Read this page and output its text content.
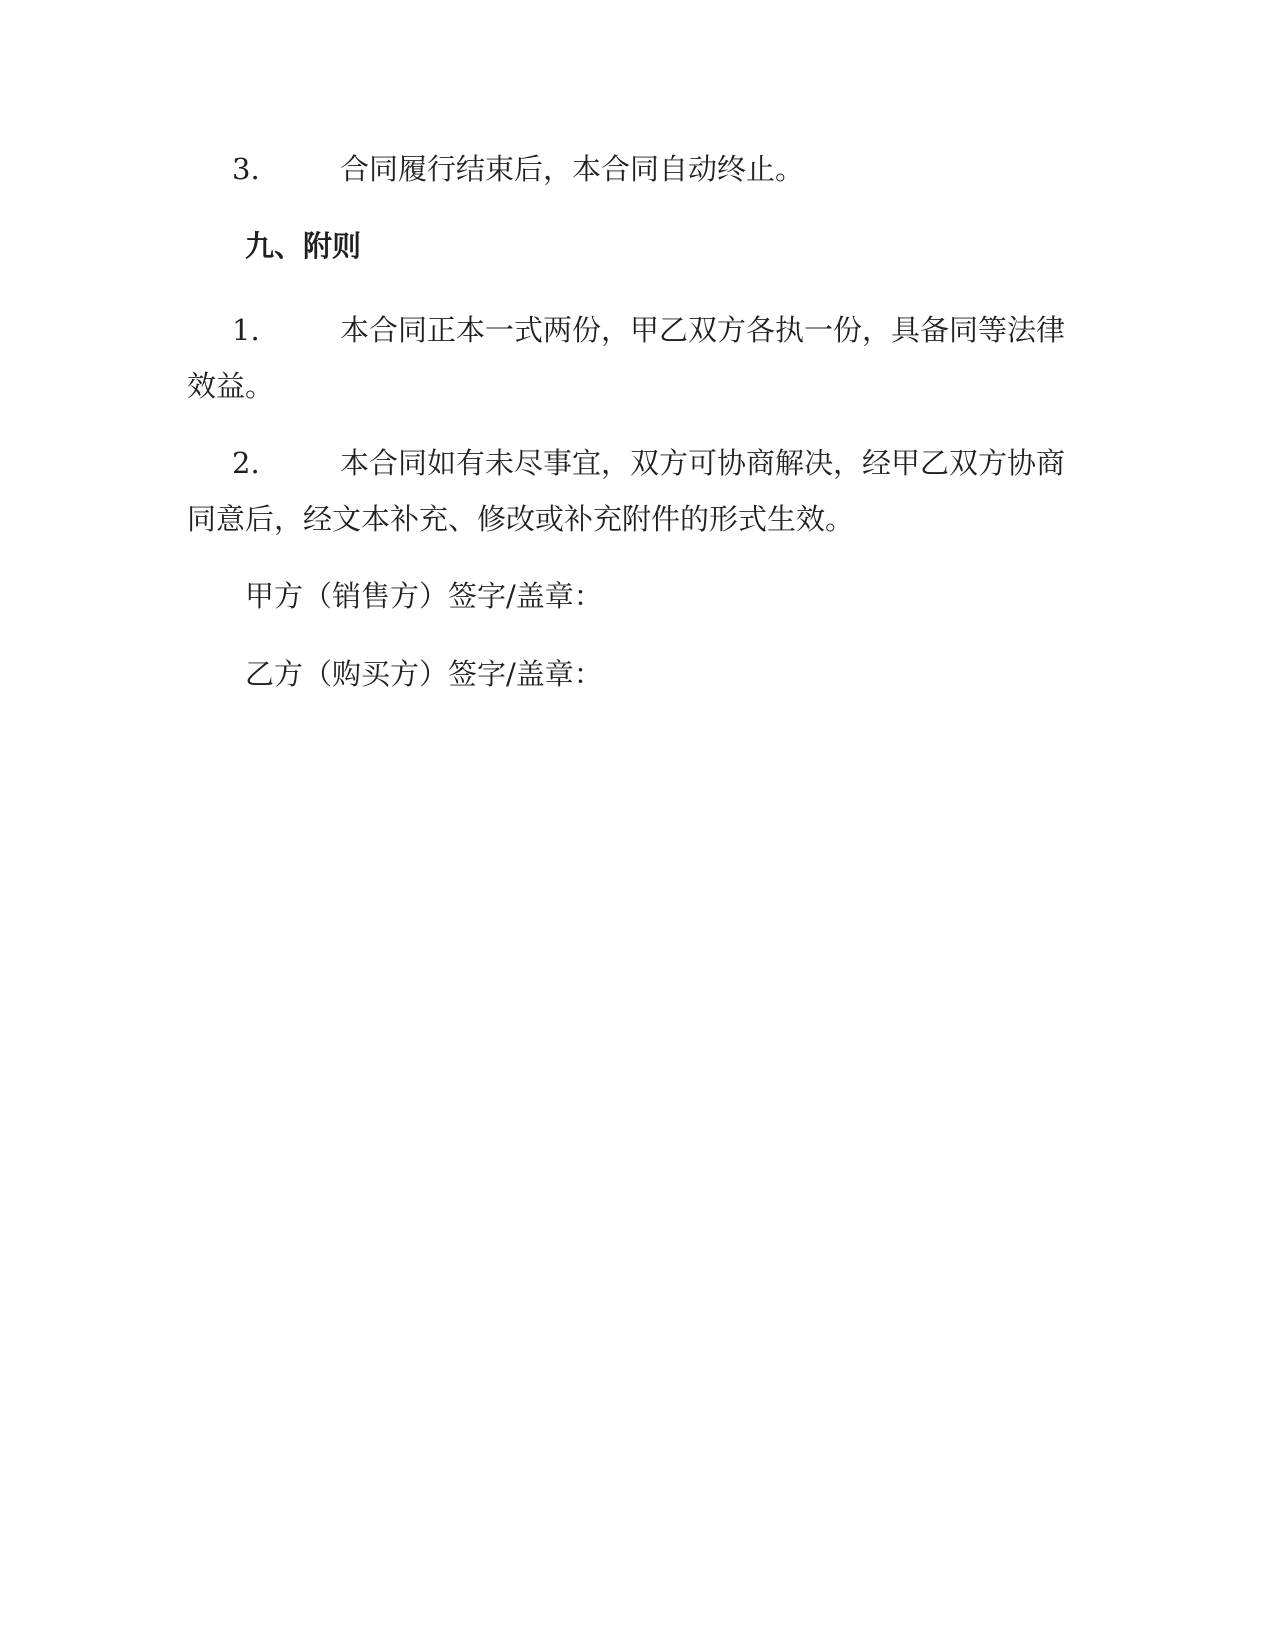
3.	合同履行结束后，本合同自动终止。

九、附则

1.	本合同正本一式两份，甲乙双方各执一份，具备同等法律效益。

2.	本合同如有未尽事宜，双方可协商解决，经甲乙双方协商同意后，经文本补充、修改或补充附件的形式生效。

甲方（销售方）签字/盖章：

乙方（购买方）签字/盖章：
